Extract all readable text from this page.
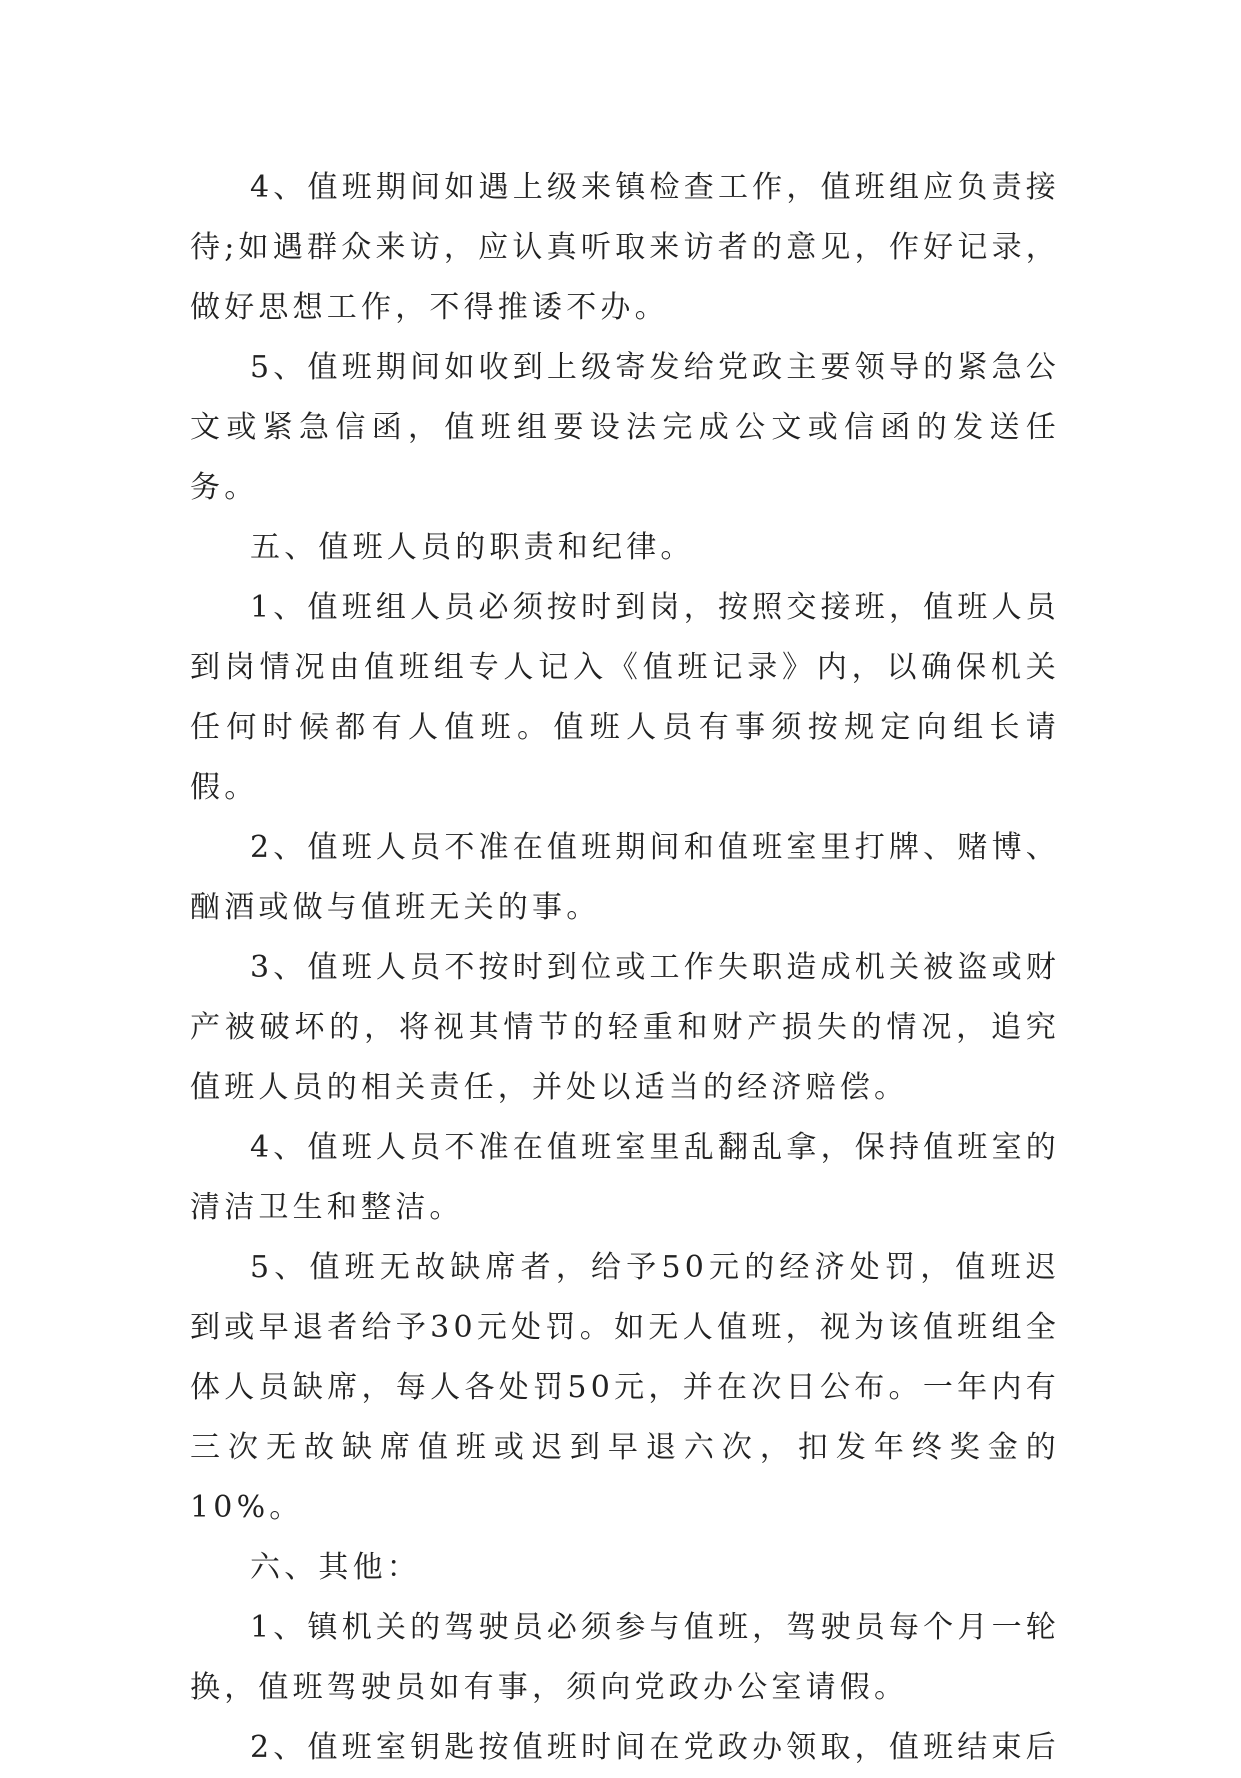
4、值班期间如遇上级来镇检查工作，值班组应负责接待;如遇群众来访，应认真听取来访者的意见，作好记录，做好思想工作，不得推诿不办。

5、值班期间如收到上级寄发给党政主要领导的紧急公文或紧急信函，值班组要设法完成公文或信函的发送任务。

五、值班人员的职责和纪律。

1、值班组人员必须按时到岗，按照交接班，值班人员到岗情况由值班组专人记入《值班记录》内，以确保机关任何时候都有人值班。值班人员有事须按规定向组长请假。

2、值班人员不准在值班期间和值班室里打牌、赌博、酗酒或做与值班无关的事。

3、值班人员不按时到位或工作失职造成机关被盗或财产被破坏的，将视其情节的轻重和财产损失的情况，追究值班人员的相关责任，并处以适当的经济赔偿。

4、值班人员不准在值班室里乱翻乱拿，保持值班室的清洁卫生和整洁。

5、值班无故缺席者，给予50元的经济处罚，值班迟到或早退者给予30元处罚。如无人值班，视为该值班组全体人员缺席，每人各处罚50元，并在次日公布。一年内有三次无故缺席值班或迟到早退六次，扣发年终奖金的10%。

六、其他：

1、镇机关的驾驶员必须参与值班，驾驶员每个月一轮换，值班驾驶员如有事，须向党政办公室请假。

2、值班室钥匙按值班时间在党政办领取，值班结束后
